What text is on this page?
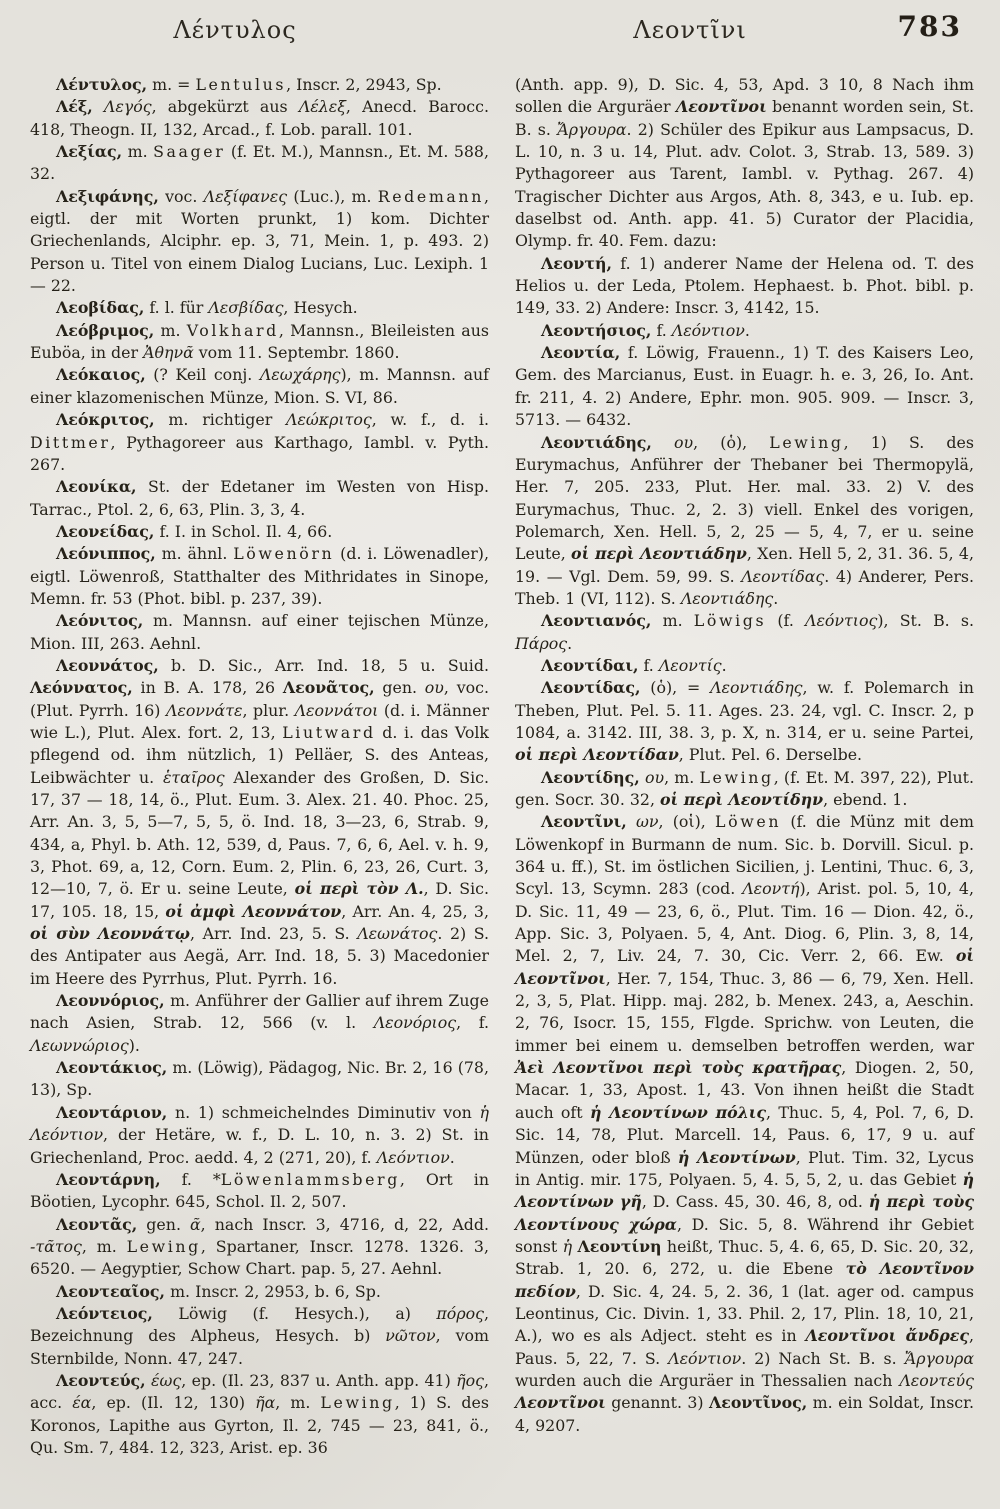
Λέντυλος	Λεοντῖνι	783

Λέντυλος, m. = Lentulus, Inscr. 2, 2943, Sp.

Λέξ, Λεγός, abgekürzt aus Λέλεξ, Anecd. Barocc. 418, Theogn. II, 132, Arcad., f. Lob. parall. 101.

Λεξίας, m. Saager (f. Et. M.), Mannsn., Et. M. 588, 32.

Λεξιφάνης, voc. Λεξίφανες (Luc.), m. Redemann, eigtl. der mit Worten prunkt, 1) kom. Dichter Griechenlands, Alciphr. ep. 3, 71, Mein. 1, p. 493. 2) Person u. Titel von einem Dialog Lucians, Luc. Lexiph. 1 — 22.

Λεοβίδας, f. l. für Λεσβίδας, Hesych.

Λεόβριμος, m. Volkhard, Mannsn., Bleileisten aus Euböa, in der Ἀθηνᾶ vom 11. Septembr. 1860.

Λεόκαιος, (? Keil conj. Λεωχάρης), m. Mannsn. auf einer klazomenischen Münze, Mion. S. VI, 86.

Λεόκριτος, m. richtiger Λεώκριτος, w. f., d. i. Dittmer, Pythagoreer aus Karthago, Iambl. v. Pyth. 267.

Λεονίκα, St. der Edetaner im Westen von Hisp. Tarrac., Ptol. 2, 6, 63, Plin. 3, 3, 4.

Λεονείδας, f. I. in Schol. Il. 4, 66.

Λεόνιππος, m. ähnl. Löwenörn (d. i. Löwenadler), eigtl. Löwenroß, Statthalter des Mithridates in Sinope, Memn. fr. 53 (Phot. bibl. p. 237, 39).

Λεόνιτος, m. Mannsn. auf einer tejischen Münze, Mion. III, 263. Aehnl.

Λεοννάτος, b. D. Sic., Arr. Ind. 18, 5 u. Suid. Λεόννατος, in B. A. 178, 26 Λεονᾶτος, gen. ου, voc. (Plut. Pyrrh. 16) Λεοννάτε, plur. Λεοννάτοι (d. i. Männer wie L.), Plut. Alex. fort. 2, 13, Liutward d. i. das Volk pflegend od. ihm nützlich, 1) Pelläer, S. des Anteas, Leibwächter u. ἑταῖρος Alexander des Großen, D. Sic. 17, 37 — 18, 14, ö., Plut. Eum. 3. Alex. 21. 40. Phoc. 25, Arr. An. 3, 5, 5—7, 5, 5, ö. Ind. 18, 3—23, 6, Strab. 9, 434, a, Phyl. b. Ath. 12, 539, d, Paus. 7, 6, 6, Ael. v. h. 9, 3, Phot. 69, a, 12, Corn. Eum. 2, Plin. 6, 23, 26, Curt. 3, 12—10, 7, ö. Er u. seine Leute, οἱ περὶ τὸν Λ., D. Sic. 17, 105. 18, 15, οἱ ἀμφὶ Λεοννάτον, Arr. An. 4, 25, 3, οἱ σὺν Λεοννάτῳ, Arr. Ind. 23, 5. S. Λεωνάτος. 2) S. des Antipater aus Aegä, Arr. Ind. 18, 5. 3) Macedonier im Heere des Pyrrhus, Plut. Pyrrh. 16.

Λεοννόριος, m. Anführer der Gallier auf ihrem Zuge nach Asien, Strab. 12, 566 (v. l. Λεονόριος, f. Λεωννώριος).

Λεοντάκιος, m. (Löwig), Pädagog, Nic. Br. 2, 16 (78, 13), Sp.

Λεοντάριον, n. 1) schmeichelndes Diminutiv von ἡ Λεόντιον, der Hetäre, w. f., D. L. 10, n. 3. 2) St. in Griechenland, Proc. aedd. 4, 2 (271, 20), f. Λεόντιον.

Λεοντάρνη, f. *Löwenlammsberg, Ort in Böotien, Lycophr. 645, Schol. Il. 2, 507.

Λεοντᾶς, gen. ᾶ, nach Inscr. 3, 4716, d, 22, Add. -τᾶτος, m. Lewing, Spartaner, Inscr. 1278. 1326. 3, 6520. — Aegyptier, Schow Chart. pap. 5, 27. Aehnl.

Λεοντεαῖος, m. Inscr. 2, 2953, b. 6, Sp.

Λεόντειος, Löwig (f. Hesych.), a) πόρος, Bezeichnung des Alpheus, Hesych. b) νῶτον, vom Sternbilde, Nonn. 47, 247.

Λεοντεύς, έως, ep. (Il. 23, 837 u. Anth. app. 41) ῆος, acc. έα, ep. (Il. 12, 130) ῆα, m. Lewing, 1) S. des Koronos, Lapithe aus Gyrton, Il. 2, 745 — 23, 841, ö., Qu. Sm. 7, 484. 12, 323, Arist. ep. 36

(Anth. app. 9), D. Sic. 4, 53, Apd. 3 10, 8 Nach ihm sollen die Arguräer Λεοντῖνοι benannt worden sein, St. B. s. Ἄργουρα. 2) Schüler des Epikur aus Lampsacus, D. L. 10, n. 3 u. 14, Plut. adv. Colot. 3, Strab. 13, 589. 3) Pythagoreer aus Tarent, Iambl. v. Pythag. 267. 4) Tragischer Dichter aus Argos, Ath. 8, 343, e u. Iub. ep. daselbst od. Anth. app. 41. 5) Curator der Placidia, Olymp. fr. 40. Fem. dazu:

Λεοντή, f. 1) anderer Name der Helena od. T. des Helios u. der Leda, Ptolem. Hephaest. b. Phot. bibl. p. 149, 33. 2) Andere: Inscr. 3, 4142, 15.

Λεοντήσιος, f. Λεόντιον.

Λεοντία, f. Löwig, Frauenn., 1) T. des Kaisers Leo, Gem. des Marcianus, Eust. in Euagr. h. e. 3, 26, Io. Ant. fr. 211, 4. 2) Andere, Ephr. mon. 905. 909. — Inscr. 3, 5713. — 6432.

Λεοντιάδης, ου, (ὁ), Lewing, 1) S. des Eurymachus, Anführer der Thebaner bei Thermopylä, Her. 7, 205. 233, Plut. Her. mal. 33. 2) V. des Eurymachus, Thuc. 2, 2. 3) viell. Enkel des vorigen, Polemarch, Xen. Hell. 5, 2, 25 — 5, 4, 7, er u. seine Leute, οἱ περὶ Λεοντιάδην, Xen. Hell 5, 2, 31. 36. 5, 4, 19. — Vgl. Dem. 59, 99. S. Λεοντίδας. 4) Anderer, Pers. Theb. 1 (VI, 112). S. Λεοντιάδης.

Λεοντιανός, m. Löwigs (f. Λεόντιος), St. B. s. Πάρος.

Λεοντίδαι, f. Λεοντίς.

Λεοντίδας, (ὁ), = Λεοντιάδης, w. f. Polemarch in Theben, Plut. Pel. 5. 11. Ages. 23. 24, vgl. C. Inscr. 2, p 1084, a. 3142. III, 38. 3, p. X, n. 314, er u. seine Partei, οἱ περὶ Λεοντίδαν, Plut. Pel. 6. Derselbe.

Λεοντίδης, ου, m. Lewing, (f. Et. M. 397, 22), Plut. gen. Socr. 30. 32, οἱ περὶ Λεοντίδην, ebend. 1.

Λεοντῖνι, ων, (οἱ), Löwen (f. die Münz mit dem Löwenkopf in Burmann de num. Sic. b. Dorvill. Sicul. p. 364 u. ff.), St. im östlichen Sicilien, j. Lentini, Thuc. 6, 3, Scyl. 13, Scymn. 283 (cod. Λεοντή), Arist. pol. 5, 10, 4, D. Sic. 11, 49 — 23, 6, ö., Plut. Tim. 16 — Dion. 42, ö., App. Sic. 3, Polyaen. 5, 4, Ant. Diog. 6, Plin. 3, 8, 14, Mel. 2, 7, Liv. 24, 7. 30, Cic. Verr. 2, 66. Ew. οἱ Λεοντῖνοι, Her. 7, 154, Thuc. 3, 86 — 6, 79, Xen. Hell. 2, 3, 5, Plat. Hipp. maj. 282, b. Menex. 243, a, Aeschin. 2, 76, Isocr. 15, 155, Flgde. Sprichw. von Leuten, die immer bei einem u. demselben betroffen werden, war Ἀεὶ Λεοντῖνοι περὶ τοὺς κρατῆρας, Diogen. 2, 50, Macar. 1, 33, Apost. 1, 43. Von ihnen heißt die Stadt auch oft ἡ Λεοντίνων πόλις, Thuc. 5, 4, Pol. 7, 6, D. Sic. 14, 78, Plut. Marcell. 14, Paus. 6, 17, 9 u. auf Münzen, oder bloß ἡ Λεοντίνων, Plut. Tim. 32, Lycus in Antig. mir. 175, Polyaen. 5, 4. 5, 5, 2, u. das Gebiet ἡ Λεοντίνων γῆ, D. Cass. 45, 30. 46, 8, od. ἡ περὶ τοὺς Λεοντίνους χώρα, D. Sic. 5, 8. Während ihr Gebiet sonst ἡ Λεοντίνη heißt, Thuc. 5, 4. 6, 65, D. Sic. 20, 32, Strab. 1, 20. 6, 272, u. die Ebene τὸ Λεοντῖνον πεδίον, D. Sic. 4, 24. 5, 2. 36, 1 (lat. ager od. campus Leontinus, Cic. Divin. 1, 33. Phil. 2, 17, Plin. 18, 10, 21, A.), wo es als Adject. steht es in Λεοντῖνοι ἄνδρες, Paus. 5, 22, 7. S. Λεόντιον. 2) Nach St. B. s. Ἄργουρα wurden auch die Arguräer in Thessalien nach Λεοντεύς Λεοντῖνοι genannt. 3) Λεοντῖνος, m. ein Soldat, Inscr. 4, 9207.
